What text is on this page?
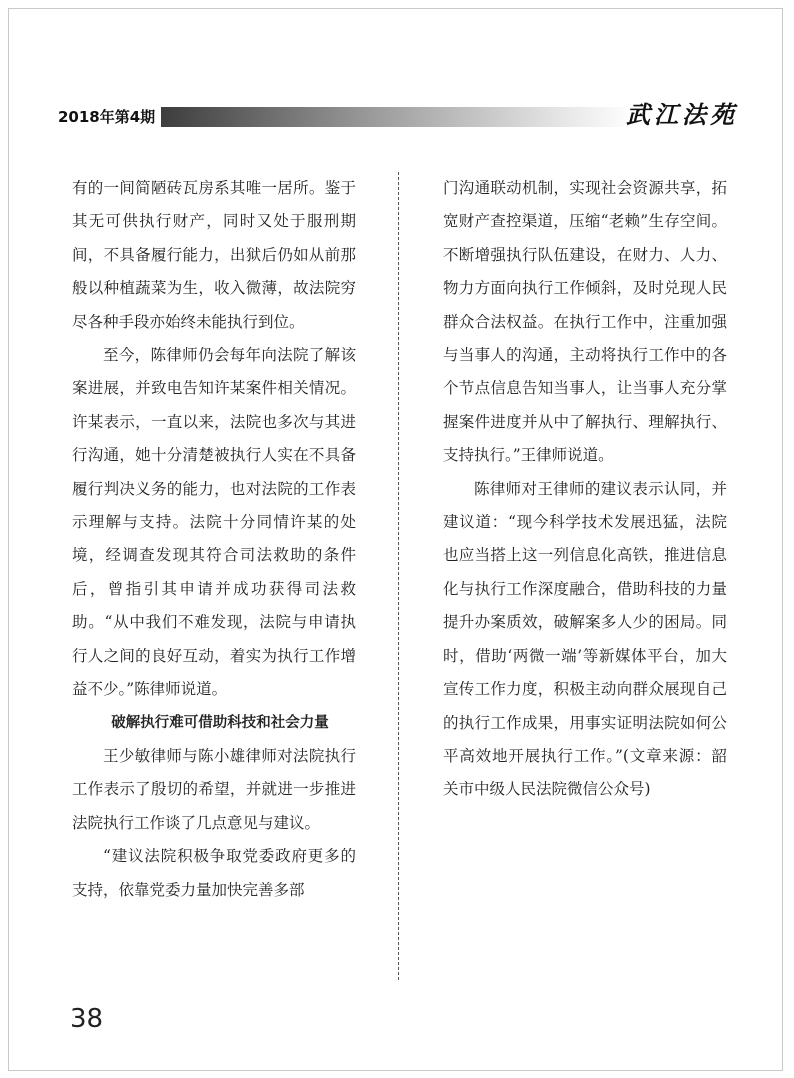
2018年第4期	武江法苑

有的一间简陋砖瓦房系其唯一居所。鉴于其无可供执行财产，同时又处于服刑期间，不具备履行能力，出狱后仍如从前那般以种植蔬菜为生，收入微薄，故法院穷尽各种手段亦始终未能执行到位。

至今，陈律师仍会每年向法院了解该案进展，并致电告知许某案件相关情况。许某表示，一直以来，法院也多次与其进行沟通，她十分清楚被执行人实在不具备履行判决义务的能力，也对法院的工作表示理解与支持。法院十分同情许某的处境，经调查发现其符合司法救助的条件后，曾指引其申请并成功获得司法救助。“从中我们不难发现，法院与申请执行人之间的良好互动，着实为执行工作增益不少。”陈律师说道。

破解执行难可借助科技和社会力量

王少敏律师与陈小雄律师对法院执行工作表示了殷切的希望，并就进一步推进法院执行工作谈了几点意见与建议。

“建议法院积极争取党委政府更多的支持，依靠党委力量加快完善多部

门沟通联动机制，实现社会资源共享，拓宽财产查控渠道，压缩“老赖”生存空间。不断增强执行队伍建设，在财力、人力、物力方面向执行工作倾斜，及时兑现人民群众合法权益。在执行工作中，注重加强与当事人的沟通，主动将执行工作中的各个节点信息告知当事人，让当事人充分掌握案件进度并从中了解执行、理解执行、支持执行。”王律师说道。

陈律师对王律师的建议表示认同，并建议道：“现今科学技术发展迅猛，法院也应当搭上这一列信息化高铁，推进信息化与执行工作深度融合，借助科技的力量提升办案质效，破解案多人少的困局。同时，借助‘两微一端’等新媒体平台，加大宣传工作力度，积极主动向群众展现自己的执行工作成果，用事实证明法院如何公平高效地开展执行工作。”(文章来源：韶关市中级人民法院微信公众号)

38
